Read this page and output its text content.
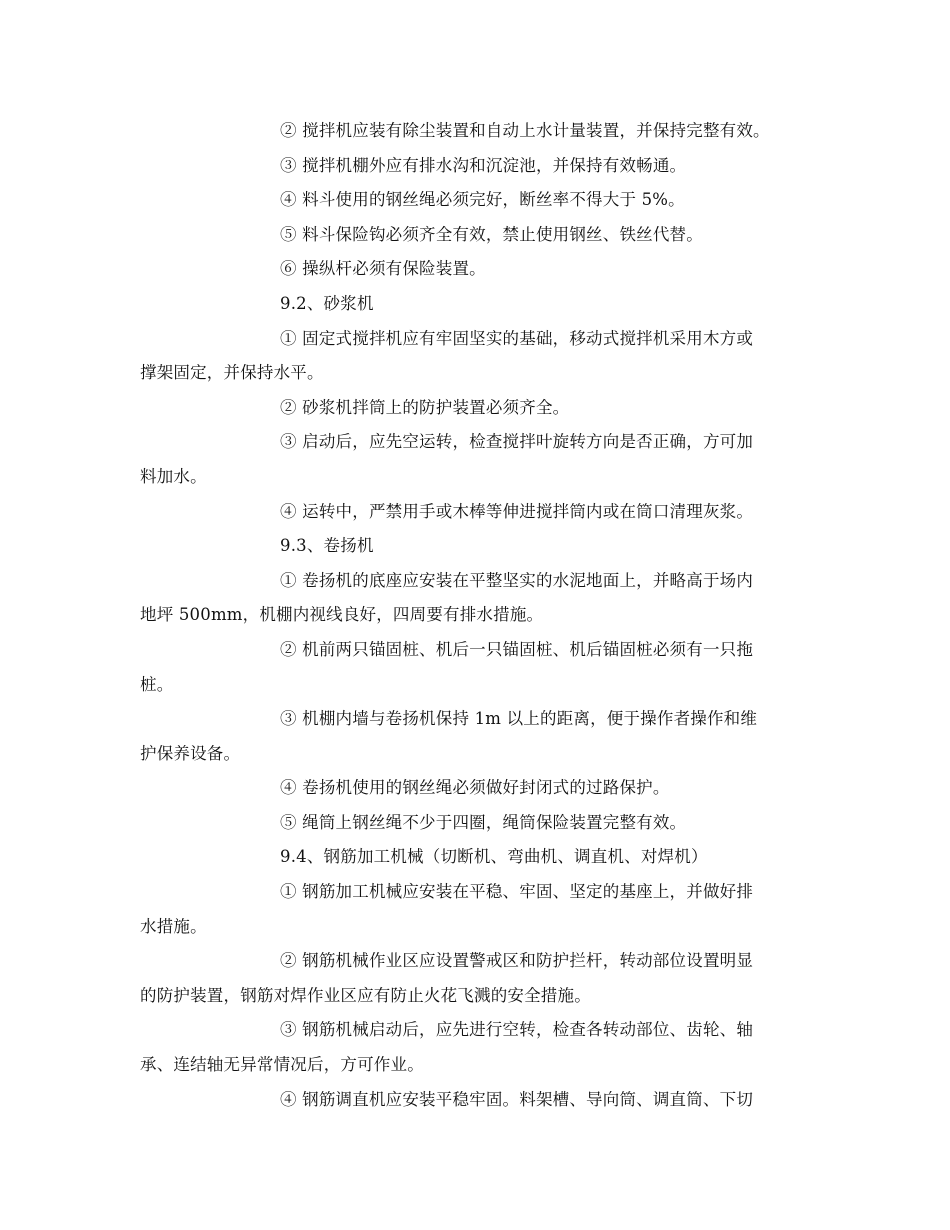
② 搅拌机应装有除尘装置和自动上水计量装置，并保持完整有效。
③ 搅拌机棚外应有排水沟和沉淀池，并保持有效畅通。
④ 料斗使用的钢丝绳必须完好，断丝率不得大于 5%。
⑤ 料斗保险钩必须齐全有效，禁止使用钢丝、铁丝代替。
⑥ 操纵杆必须有保险装置。
9.2、砂浆机
① 固定式搅拌机应有牢固坚实的基础，移动式搅拌机采用木方或
撑架固定，并保持水平。
② 砂浆机拌筒上的防护装置必须齐全。
③ 启动后，应先空运转，检查搅拌叶旋转方向是否正确，方可加
料加水。
④ 运转中，严禁用手或木棒等伸进搅拌筒内或在筒口清理灰浆。
9.3、卷扬机
① 卷扬机的底座应安装在平整坚实的水泥地面上，并略高于场内
地坪 500mm，机棚内视线良好，四周要有排水措施。
② 机前两只锚固桩、机后一只锚固桩、机后锚固桩必须有一只拖
桩。
③ 机棚内墙与卷扬机保持 1m 以上的距离，便于操作者操作和维
护保养设备。
④ 卷扬机使用的钢丝绳必须做好封闭式的过路保护。
⑤ 绳筒上钢丝绳不少于四圈，绳筒保险装置完整有效。
9.4、钢筋加工机械（切断机、弯曲机、调直机、对焊机）
① 钢筋加工机械应安装在平稳、牢固、坚定的基座上，并做好排
水措施。
② 钢筋机械作业区应设置警戒区和防护拦杆，转动部位设置明显
的防护装置，钢筋对焊作业区应有防止火花飞溅的安全措施。
③ 钢筋机械启动后，应先进行空转，检查各转动部位、齿轮、轴
承、连结轴无异常情况后，方可作业。
④ 钢筋调直机应安装平稳牢固。料架槽、导向筒、调直筒、下切
